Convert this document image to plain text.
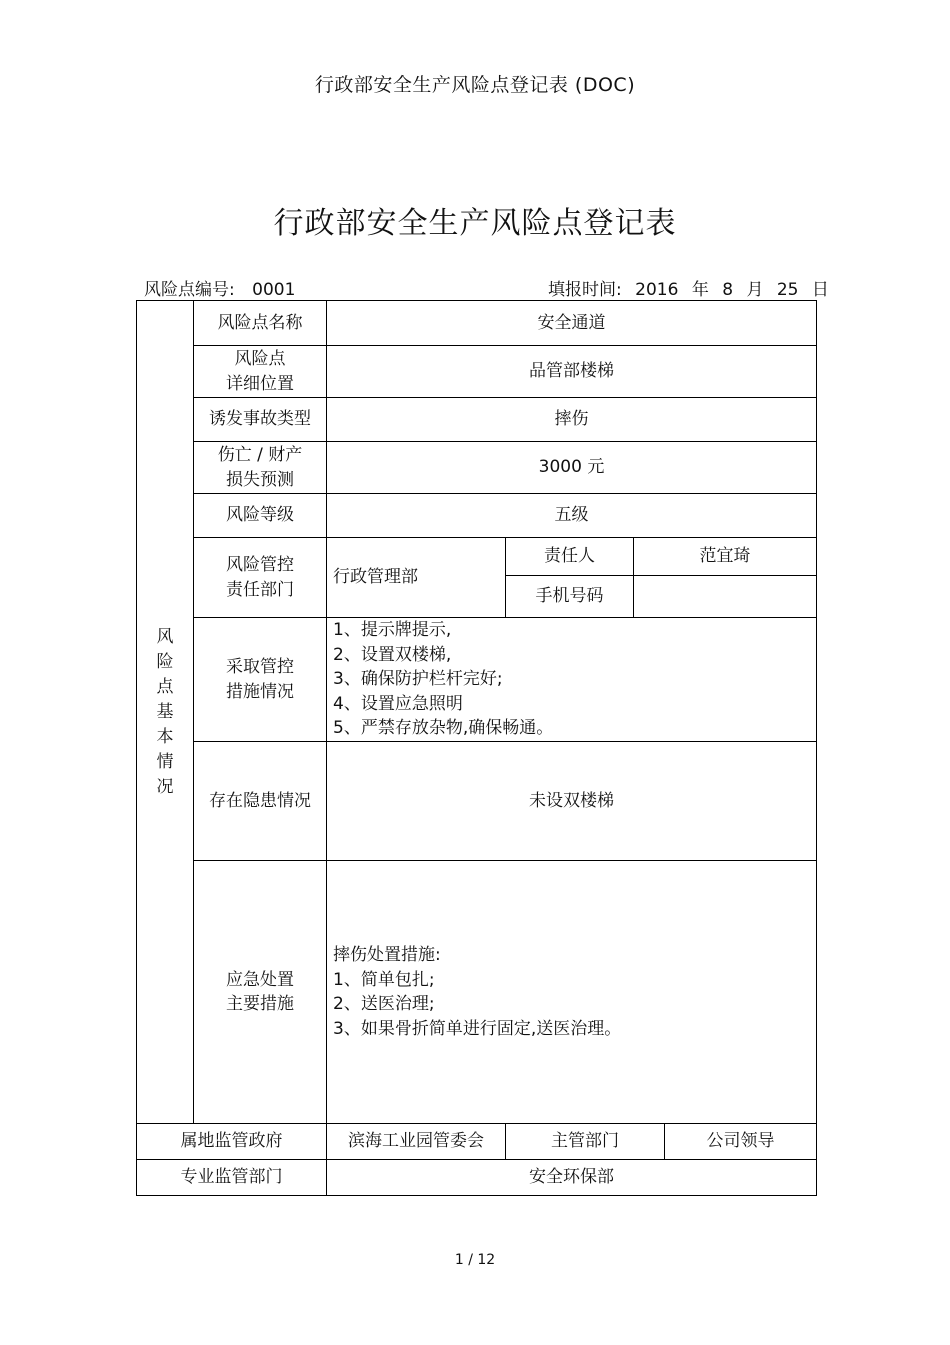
行政部安全生产风险点登记表 (DOC)
行政部安全生产风险点登记表
风险点编号: 0001	填报时间: 2016 年 8 月 25 日
风险点基本情况	风险点名称	安全通道			

	风险点
详细位置	品管部楼梯			
	诱发事故类型	摔伤			

	伤亡 / 财产
损失预测	3000 元			
	风险等级	五级			

	风险管控
责任部门	行政管理部	责任人	范宜琦	
			手机号码		

	采取管控
措施情况	1、提示牌提示,
2、设置双楼梯,
3、确保防护栏杆完好;
4、设置应急照明
5、严禁存放杂物,确保畅通。			

	存在隐患情况	未设双楼梯			

	应急处置
主要措施	摔伤处置措施:
1、简单包扎;
2、送医治理;
3、如果骨折简单进行固定,送医治理。			

属地监管政府		滨海工业园管委会	主管部门		公司领导
专业监管部门		安全环保部			
1 / 12
